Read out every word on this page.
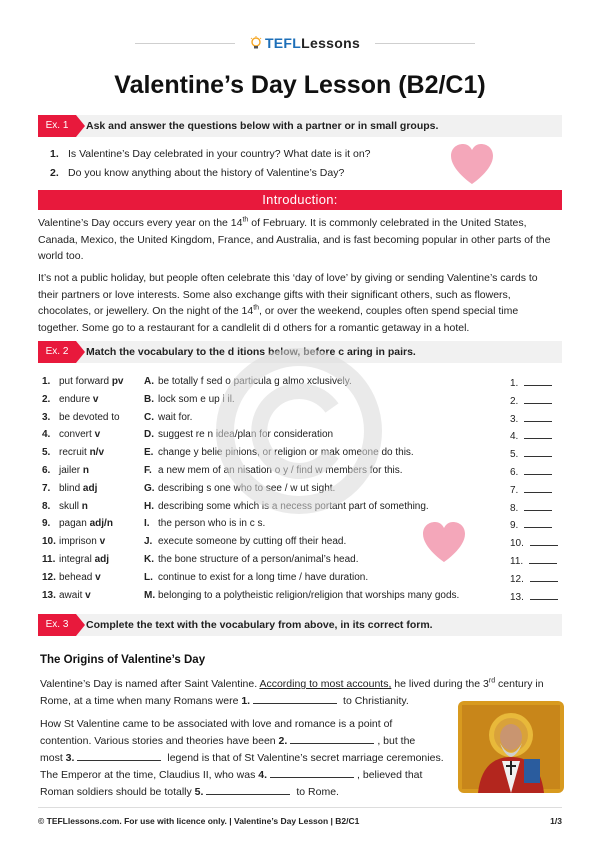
TEFL Lessons
Valentine’s Day Lesson (B2/C1)
Ex. 1	Ask and answer the questions below with a partner or in small groups.
1. Is Valentine’s Day celebrated in your country? What date is it on?
2. Do you know anything about the history of Valentine’s Day?
Introduction:
Valentine’s Day occurs every year on the 14th of February. It is commonly celebrated in the United States,
Canada, Mexico, the United Kingdom, France, and Australia, and is fast becoming popular in other parts of the
world too.
It’s not a public holiday, but people often celebrate this ‘day of love’ by giving or sending Valentine’s cards to
their partners or love interests. Some also exchange gifts with their significant others, such as flowers,
chocolates, or jewellery. On the night of the 14th, or over the weekend, couples often spend special time
together. Some go to a restaurant for a candlelit di d others for a romantic getaway in a hotel.
Ex. 2	Match the vocabulary to the d itions below, before c aring in pairs.
1. put forward pv A. be totally f sed o particula g almo xclusively.	1.
2. endure v	B. lock som e up i il.	2.
3. be devoted to C. wait for.	3.
4. convert v	D. suggest re n idea/plan for consideration	4.
5. recruit n/v	E. change y belie pinions, or religion or mak omeone do this.	5.
6. jailer n	F. a new mem of an nisation o y / find w members for this.	6.
7. blind adj	G. describing s one who to see / w ut sight.	7.
8. skull n	H. describing some which is a necess portant part of something.	8.
9. pagan adj/n	I. the person who is in c s.	9.
10. imprison v	J. execute someone by cutting off their head.	10.
11. integral adj	K. the bone structure of a person/animal’s head.	11.
12. behead v	L. continue to exist for a long time / have duration.	12.
13. await v	M. belonging to a polytheistic religion/religion that worships many gods.	13.
Ex. 3	Complete the text with the vocabulary from above, in its correct form.
The Origins of Valentine’s Day
Valentine’s Day is named after Saint Valentine. According to most accounts, he lived during the 3rd century in
Rome, at a time when many Romans were 1.	to Christianity.
How St Valentine came to be associated with love and romance is a point of
contention. Various stories and theories have been 2.	, but the
most 3.	legend is that of St Valentine’s secret marriage ceremonies.
The Emperor at the time, Claudius II, who was 4.	, believed that
Roman soldiers should be totally 5.	to Rome.
© TEFLlessons.com. For use with licence only. | Valentine’s Day Lesson | B2/C1	1/3
